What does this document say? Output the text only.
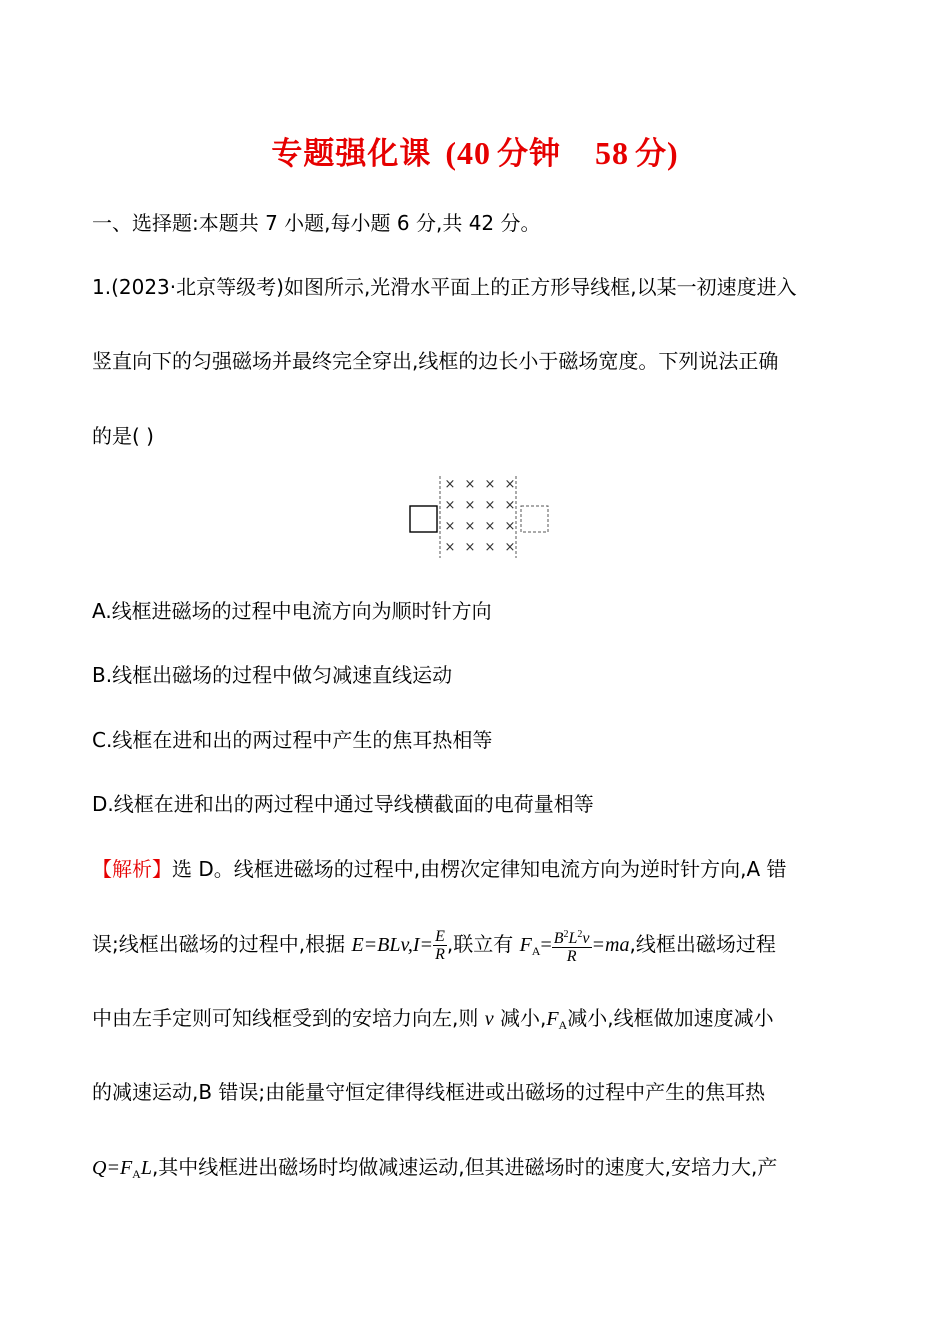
专题强化课 (40 分钟 58 分)
一、选择题:本题共 7 小题,每小题 6 分,共 42 分。
1.(2023·北京等级考)如图所示,光滑水平面上的正方形导线框,以某一初速度进入
竖直向下的匀强磁场并最终完全穿出,线框的边长小于磁场宽度。下列说法正确
的是( )
× × × ×
× × × ×
× × × ×
× × × ×
A.线框进磁场的过程中电流方向为顺时针方向
B.线框出磁场的过程中做匀减速直线运动
C.线框在进和出的两过程中产生的焦耳热相等
D.线框在进和出的两过程中通过导线横截面的电荷量相等
【解析】选 D。线框进磁场的过程中,由楞次定律知电流方向为逆时针方向,A 错
误;线框出磁场的过程中,根据 $E=BLv,I= \frac{E}{R}$ ,联立有 $F_A= \frac{B^2L^2v}{R} =ma$,线框出磁场过程
中由左手定则可知线框受到的安培力向左,则 v 减小$,F_A$减小,线框做加速度减小
的减速运动,B 错误;由能量守恒定律得线框进或出磁场的过程中产生的焦耳热
$Q=F_AL$,其中线框进出磁场时均做减速运动,但其进磁场时的速度大,安培力大,产
